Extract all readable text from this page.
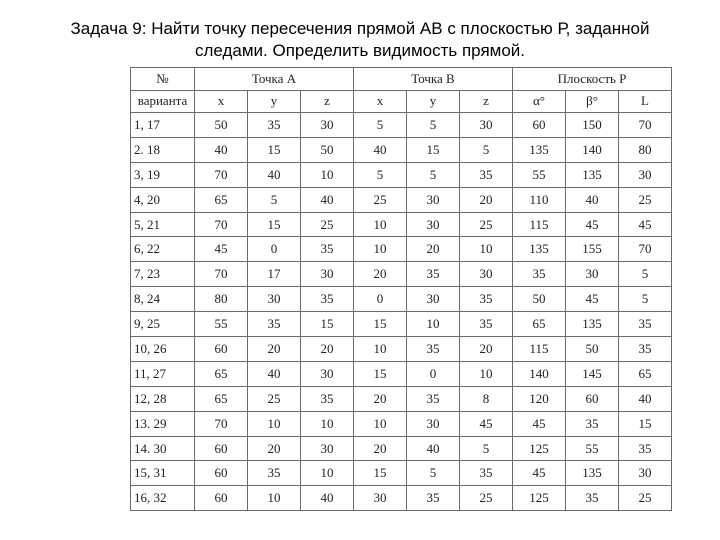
Задача 9: Найти точку пересечения прямой АВ с плоскостью Р, заданной
следами. Определить видимость прямой.
№	Точка А			Точка В			Плоскость Р		
варианта	x	y	z	x	y	z	α°	β°	L
1, 17	50	35	30	5	5	30	60	150	70
2. 18	40	15	50	40	15	5	135	140	80
3, 19	70	40	10	5	5	35	55	135	30
4, 20	65	5	40	25	30	20	110	40	25
5, 21	70	15	25	10	30	25	115	45	45
6, 22	45	0	35	10	20	10	135	155	70
7, 23	70	17	30	20	35	30	35	30	5
8, 24	80	30	35	0	30	35	50	45	5
9, 25	55	35	15	15	10	35	65	135	35
10, 26	60	20	20	10	35	20	115	50	35
11, 27	65	40	30	15	0	10	140	145	65
12, 28	65	25	35	20	35	8	120	60	40
13. 29	70	10	10	10	30	45	45	35	15
14. 30	60	20	30	20	40	5	125	55	35
15, 31	60	35	10	15	5	35	45	135	30
16, 32	60	10	40	30	35	25	125	35	25
